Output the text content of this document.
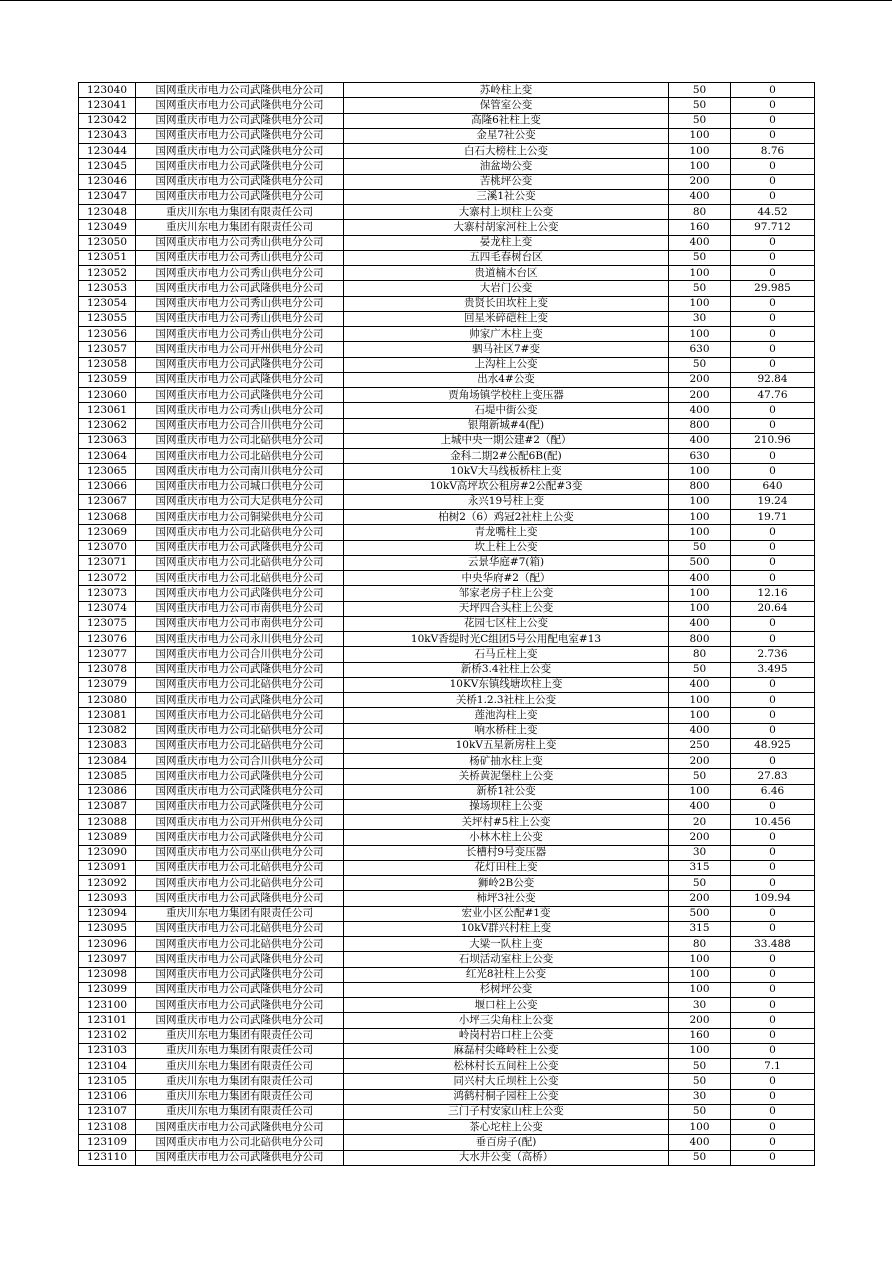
123040	国网重庆市电力公司武隆供电分公司	苏岭柱上变	50	0
123041	国网重庆市电力公司武隆供电分公司	保管室公变	50	0
123042	国网重庆市电力公司武隆供电分公司	高隆6社柱上变	50	0
123043	国网重庆市电力公司武隆供电分公司	金星7社公变	100	0
123044	国网重庆市电力公司武隆供电分公司	白石大榜柱上公变	100	8.76
123045	国网重庆市电力公司武隆供电分公司	油盆坳公变	100	0
123046	国网重庆市电力公司武隆供电分公司	苦桃坪公变	200	0
123047	国网重庆市电力公司武隆供电分公司	三溪1社公变	400	0
123048	重庆川东电力集团有限责任公司	大寨村上坝柱上公变	80	44.52
123049	重庆川东电力集团有限责任公司	大寨村胡家河柱上公变	160	97.712
123050	国网重庆市电力公司秀山供电分公司	晏龙柱上变	400	0
123051	国网重庆市电力公司秀山供电分公司	五四毛春树台区	50	0
123052	国网重庆市电力公司秀山供电分公司	贵道楠木台区	100	0
123053	国网重庆市电力公司武隆供电分公司	大岩门公变	50	29.985
123054	国网重庆市电力公司秀山供电分公司	贵贤长田坎柱上变	100	0
123055	国网重庆市电力公司秀山供电分公司	回星米碎硙柱上变	30	0
123056	国网重庆市电力公司秀山供电分公司	帅家广木柱上变	100	0
123057	国网重庆市电力公司开州供电分公司	驷马社区7#变	630	0
123058	国网重庆市电力公司武隆供电分公司	上沟柱上公变	50	0
123059	国网重庆市电力公司武隆供电分公司	出水4#公变	200	92.84
123060	国网重庆市电力公司武隆供电分公司	贾角场镇学校柱上变压器	200	47.76
123061	国网重庆市电力公司秀山供电分公司	石堤中街公变	400	0
123062	国网重庆市电力公司合川供电分公司	银翔新城#4(配)	800	0
123063	国网重庆市电力公司北碚供电分公司	上城中央一期公建#2（配）	400	210.96
123064	国网重庆市电力公司北碚供电分公司	金科二期2#公配6B(配)	630	0
123065	国网重庆市电力公司南川供电分公司	10kV大马线板桥柱上变	100	0
123066	国网重庆市电力公司城口供电分公司	10kV高坪坎公租房#2公配#3变	800	640
123067	国网重庆市电力公司大足供电分公司	永兴19号柱上变	100	19.24
123068	国网重庆市电力公司铜梁供电分公司	柏树2（6）鸡冠2社柱上公变	100	19.71
123069	国网重庆市电力公司北碚供电分公司	青龙嘴柱上变	100	0
123070	国网重庆市电力公司武隆供电分公司	坎上柱上公变	50	0
123071	国网重庆市电力公司北碚供电分公司	云景华庭#7(箱)	500	0
123072	国网重庆市电力公司北碚供电分公司	中央华府#2（配）	400	0
123073	国网重庆市电力公司武隆供电分公司	邹家老房子柱上公变	100	12.16
123074	国网重庆市电力公司市南供电分公司	天坪四合头柱上公变	100	20.64
123075	国网重庆市电力公司市南供电分公司	花园七区柱上公变	400	0
123076	国网重庆市电力公司永川供电分公司	10kV香缇时光C组团5号公用配电室#13	800	0
123077	国网重庆市电力公司合川供电分公司	石马丘柱上变	80	2.736
123078	国网重庆市电力公司武隆供电分公司	新桥3.4社柱上公变	50	3.495
123079	国网重庆市电力公司北碚供电分公司	10KV东镇线塘坎柱上变	400	0
123080	国网重庆市电力公司武隆供电分公司	关桥1.2.3社柱上公变	100	0
123081	国网重庆市电力公司北碚供电分公司	莲池沟柱上变	100	0
123082	国网重庆市电力公司北碚供电分公司	响水桥柱上变	400	0
123083	国网重庆市电力公司北碚供电分公司	10kV五星新房柱上变	250	48.925
123084	国网重庆市电力公司合川供电分公司	杨矿抽水柱上变	200	0
123085	国网重庆市电力公司武隆供电分公司	关桥黄泥堡柱上公变	50	27.83
123086	国网重庆市电力公司武隆供电分公司	新桥1社公变	100	6.46
123087	国网重庆市电力公司武隆供电分公司	操场坝柱上公变	400	0
123088	国网重庆市电力公司开州供电分公司	关坪村#5柱上公变	20	10.456
123089	国网重庆市电力公司武隆供电分公司	小林木柱上公变	200	0
123090	国网重庆市电力公司巫山供电分公司	长槽村9号变压器	30	0
123091	国网重庆市电力公司北碚供电分公司	花灯田柱上变	315	0
123092	国网重庆市电力公司北碚供电分公司	狮岭2B公变	50	0
123093	国网重庆市电力公司武隆供电分公司	柿坪3社公变	200	109.94
123094	重庆川东电力集团有限责任公司	宏业小区公配#1变	500	0
123095	国网重庆市电力公司北碚供电分公司	10kV群兴村柱上变	315	0
123096	国网重庆市电力公司北碚供电分公司	大梁一队柱上变	80	33.488
123097	国网重庆市电力公司武隆供电分公司	石坝活动室柱上公变	100	0
123098	国网重庆市电力公司武隆供电分公司	红光8社柱上公变	100	0
123099	国网重庆市电力公司武隆供电分公司	杉树坪公变	100	0
123100	国网重庆市电力公司武隆供电分公司	堰口柱上公变	30	0
123101	国网重庆市电力公司武隆供电分公司	小坪三尖角柱上公变	200	0
123102	重庆川东电力集团有限责任公司	岭岗村岩口柱上公变	160	0
123103	重庆川东电力集团有限责任公司	麻磊村尖峰岭柱上公变	100	0
123104	重庆川东电力集团有限责任公司	松林村长五间柱上公变	50	7.1
123105	重庆川东电力集团有限责任公司	同兴村大丘坝柱上公变	50	0
123106	重庆川东电力集团有限责任公司	鸿鹤村桐子园柱上公变	30	0
123107	重庆川东电力集团有限责任公司	三门子村安家山柱上公变	50	0
123108	国网重庆市电力公司武隆供电分公司	茶心坨柱上公变	100	0
123109	国网重庆市电力公司北碚供电分公司	垂百房子(配)	400	0
123110	国网重庆市电力公司武隆供电分公司	大水井公变（高桥）	50	0
